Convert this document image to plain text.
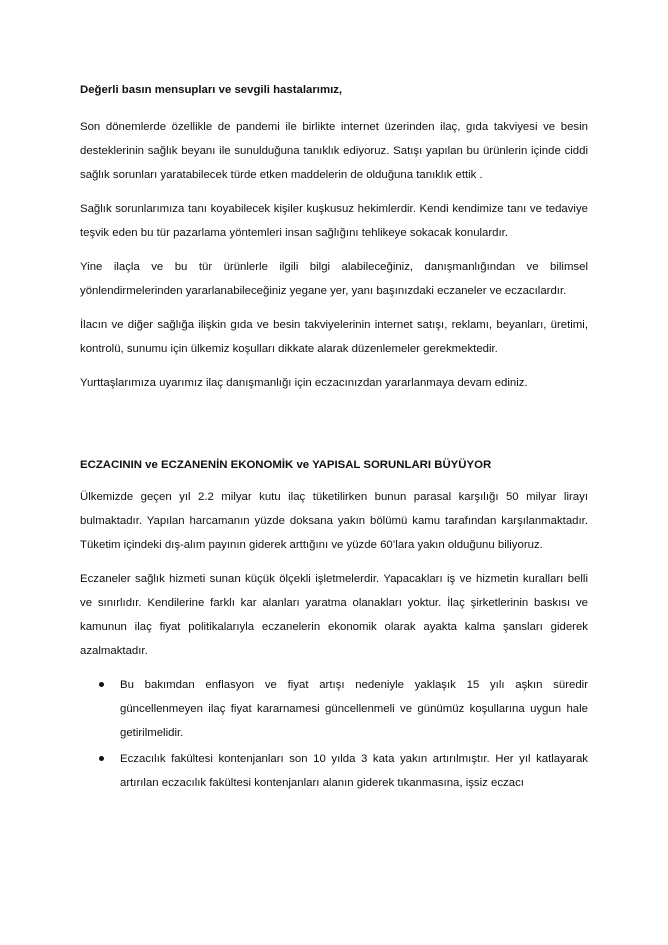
Değerli basın mensupları ve sevgili hastalarımız,

Son dönemlerde özellikle de pandemi ile birlikte internet üzerinden ilaç, gıda takviyesi ve besin desteklerinin sağlık beyanı ile sunulduğuna tanıklık ediyoruz. Satışı yapılan bu ürünlerin içinde ciddi sağlık sorunları yaratabilecek türde etken maddelerin de olduğuna tanıklık ettik .

Sağlık sorunlarımıza tanı koyabilecek kişiler kuşkusuz hekimlerdir. Kendi kendimize tanı ve tedaviye teşvik eden bu tür pazarlama yöntemleri insan sağlığını tehlikeye sokacak konulardır.

Yine ilaçla ve bu tür ürünlerle ilgili bilgi alabileceğiniz, danışmanlığından ve bilimsel yönlendirmelerinden yararlanabileceğiniz yegane yer, yanı başınızdaki eczaneler ve eczacılardır.

İlacın ve diğer sağlığa ilişkin gıda ve besin takviyelerinin internet satışı, reklamı, beyanları, üretimi, kontrolü, sunumu için ülkemiz koşulları dikkate alarak düzenlemeler gerekmektedir.

Yurttaşlarımıza uyarımız ilaç danışmanlığı için eczacınızdan yararlanmaya devam ediniz.

ECZACININ ve ECZANENİN EKONOMİK ve YAPISAL SORUNLARI BÜYÜYOR

Ülkemizde geçen yıl 2.2 milyar kutu ilaç tüketilirken bunun parasal karşılığı 50 milyar lirayı bulmaktadır. Yapılan harcamanın yüzde doksana yakın bölümü kamu tarafından karşılanmaktadır. Tüketim içindeki dış-alım payının giderek arttığını ve yüzde 60’lara yakın olduğunu biliyoruz.

Eczaneler sağlık hizmeti sunan küçük ölçekli işletmelerdir. Yapacakları iş ve hizmetin kuralları belli ve sınırlıdır. Kendilerine farklı kar alanları yaratma olanakları yoktur. İlaç şirketlerinin baskısı ve kamunun ilaç fiyat politikalarıyla eczanelerin ekonomik olarak ayakta kalma şansları giderek azalmaktadır.

Bu bakımdan enflasyon ve fiyat artışı nedeniyle yaklaşık 15 yılı aşkın süredir güncellenmeyen ilaç fiyat kararnamesi güncellenmeli ve günümüz koşullarına uygun hale getirilmelidir.
Eczacılık fakültesi kontenjanları son 10 yılda 3 kata yakın artırılmıştır. Her yıl katlayarak artırılan eczacılık fakültesi kontenjanları alanın giderek tıkanmasına, işsiz eczacı
